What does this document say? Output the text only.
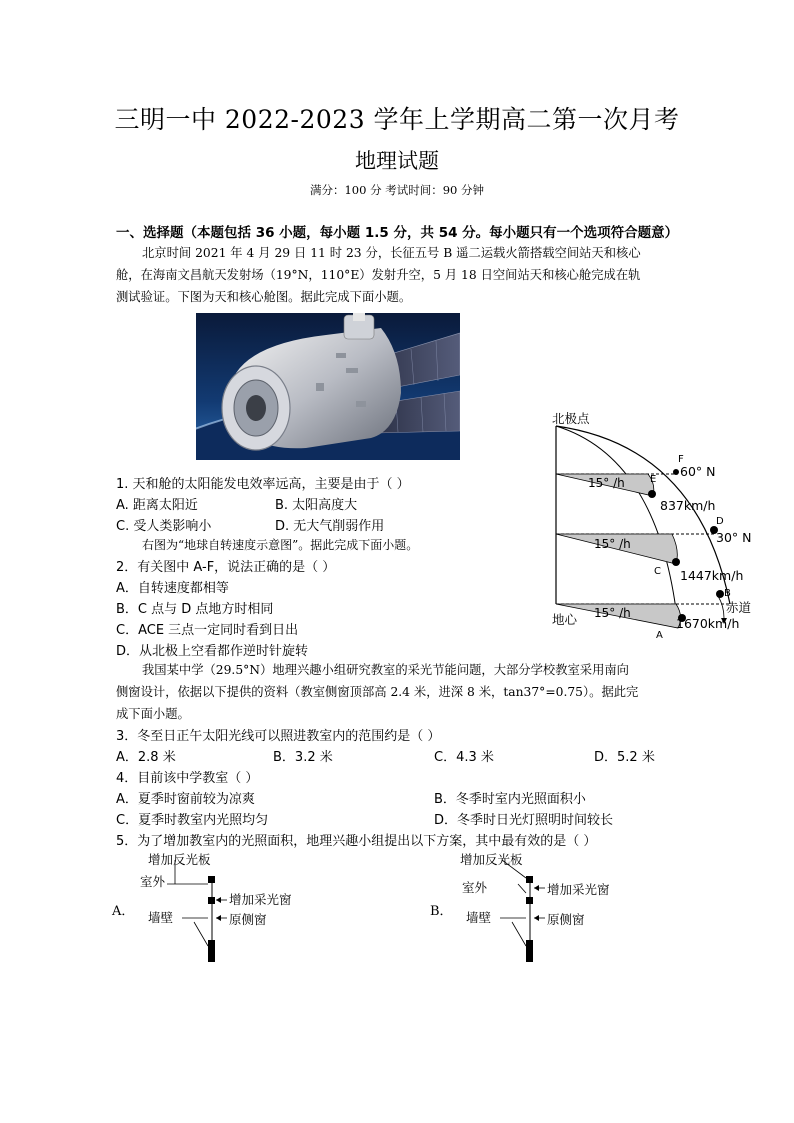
三明一中 2022-2023 学年上学期高二第一次月考
地理试题
满分：100 分 考试时间：90 分钟
一、选择题（本题包括 36 小题，每小题 1.5 分，共 54 分。每小题只有一个选项符合题意）
北京时间 2021 年 4 月 29 日 11 时 23 分，长征五号 B 遥二运载火箭搭载空间站天和核心
舱，在海南文昌航天发射场（19°N，110°E）发射升空，5 月 18 日空间站天和核心舱完成在轨
测试验证。下图为天和核心舱图。据此完成下面小题。
1. 天和舱的太阳能发电效率远高，主要是由于（ ）
A. 距离太阳近	B. 太阳高度大
C. 受人类影响小	D. 无大气削弱作用
右图为“地球自转速度示意图”。据此完成下面小题。
2．有关图中 A-F，说法正确的是（ ）
A．自转速度都相等
B．C 点与 D 点地方时相同
C．ACE 三点一定同时看到日出
D．从北极上空看都作逆时针旋转
北极点
地心
赤道
60° N
30° N
15° /h
15° /h
15° /h
837km/h
1447km/h
1670km/h
F
E
D
C
B
A
我国某中学（29.5°N）地理兴趣小组研究教室的采光节能问题，大部分学校教室采用南向
侧窗设计，依据以下提供的资料（教室侧窗顶部高 2.4 米，进深 8 米，tan37°=0.75）。据此完
成下面小题。
3．冬至日正午太阳光线可以照进教室内的范围约是（ ）
A．2.8 米	B．3.2 米	C．4.3 米	D．5.2 米
4．目前该中学教室（ ）
A．夏季时窗前较为凉爽	B．冬季时室内光照面积小
C．夏季时教室内光照均匀	D．冬季时日光灯照明时间较长
5．为了增加教室内的光照面积，地理兴趣小组提出以下方案，其中最有效的是（ ）
A．
增加反光板
室外
增加采光窗
墙壁	原侧窗
B．
增加反光板
室外	增加采光窗
墙壁	原侧窗
